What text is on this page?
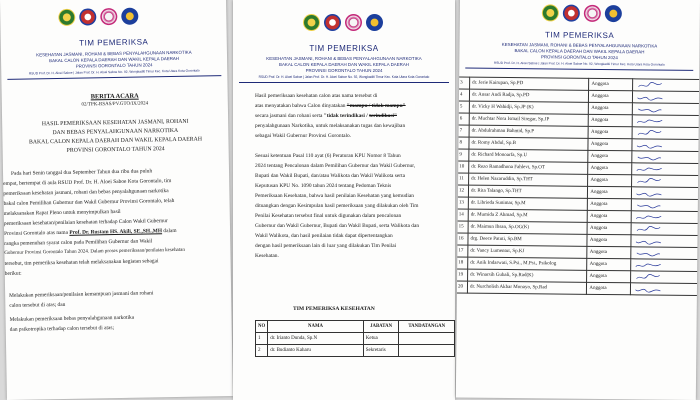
TIM PEMERIKSA
KESEHATAN JASMANI, ROHANI & BEBAS PENYALAHGUNAAN NARKOTIKA
BAKAL CALON KEPALA DAERAH DAN WAKIL KEPALA DAERAH
PROVINSI GORONTALO TAHUN 2024
RSUD Prof. Dr. H. Aloei Saboe | Jalan Prof. Dr. H. Aloei Saboe No. 92, Wongkaditi Timur Kec. Kota Utara Kota Gorontalo
BERITA ACARA
02/TPK-RSAS/PV.GTO/IX/2024
HASIL PEMERIKSAAN KESEHATAN JASMANI, ROHANI
DAN BEBAS PENYALAHGUNAAN NARKOTIKA
BAKAL CALON KEPALA DAERAH DAN WAKIL KEPALA DAERAH
PROVINSI GORONTALO TAHUN 2024
Pada hari Senin tanggal dua September Tahun dua ribu dua puluh
empat, bertempat di aula RSUD Prof. Dr. H. Aloei Saboe Kota Gorontalo, tim
pemeriksaan kesehatan jasmani, rohani dan bebas penyalahgunaan narkotika
bakal calon Pemilihan Gubernur dan Wakil Gubernur Provinsi Gorontalo, telah
melaksanakan Rapat Pleno untuk menyimpulkan hasil
pemeriksaan kesehatan/penilaian kesehatan terhadap Calon Wakil Gubernur
Provinsi Gorontalo atas nama Prof. Dr. Rustam HS. Akili, SE.,SH.,MH dalam
rangka pemenuhan syarat calon pada Pemilihan Gubernur dan Wakil
Gubernur Provinsi Gorontalo Tahun 2024. Dalam proses pemeriksaan/penilaian kesehatan
tersebut, tim pemeriksa kesehatan telah melaksanakan kegiatan sebagai
berikut:
Melakukan pemeriksaan/penilaian kemampuan jasmani dan rohani
calon tersebut di atas; dan
Melakukan pemeriksaan bebas penyalahgunaan narkotika
dan psikotropika terhadap calon tersebut di atas;
TIM PEMERIKSA
KESEHATAN JASMANI, ROHANI & BEBAS PENYALAHGUNAAN NARKOTIKA
BAKAL CALON KEPALA DAERAH DAN WAKIL KEPALA DAERAH
PROVINSI GORONTALO TAHUN 2024
RSUD Prof. Dr. H. Aloei Saboe | Jalan Prof. Dr. H. Aloei Saboe No. 92, Wongkaditi Timur Kec. Kota Utara Kota Gorontalo
Hasil pemeriksaan kesehatan calon atas nama tersebut di
atas menyatakan bahwa Calon dinyatakan "mampu / tidak mampu"
secara jasmani dan rohani serta "tidak terindikasi / terindikasi"
penyalahgunaan Narkotika, untuk melaksanakan tugas dan kewajiban
sebagai Wakil Gubernur Provinsi Gorontalo.
Sesuai ketentuan Pasal 110 ayat (6) Peraturan KPU Nomor 8 Tahun
2024 tentang Pencalonan dalam Pemilihan Gubernur dan Wakil Gubernur,
Bupati dan Wakil Bupati, dan/atau Walikota dan Wakil Walikota serta
Keputusan KPU No. 1090 tahun 2024 tentang Pedoman Teknis
Pemeriksaan Kesehatan, bahwa hasil penilaian Kesehatan yang kemudian
dituangkan dengan Kesimpulan hasil pemeriksaan yang dilakukan oleh Tim
Penilai Kesehatan tersebut final untuk digunakan dalam pencalonan
Gubernur dan Wakil Gubernur, Bupati dan Wakil Bupati, serta Walikota dan
Wakil Walikota, dan hasil penilaian tidak dapat dipertentangkan
dengan hasil pemeriksaan lain di luar yang dilakukan Tim Penilai
Kesehatan.
TIM PEMERIKSA KESEHATAN
NO	NAMA	JABATAN	TANDATANGAN
1	dr. Irianto Dunda, Sp.N	Ketua	
2	dr. Budianto Kaharu	Sekretaris	
TIM PEMERIKSA
KESEHATAN JASMANI, ROHANI & BEBAS PENYALAHGUNAAN NARKOTIKA
BAKAL CALON KEPALA DAERAH DAN WAKIL KEPALA DAERAH
PROVINSI GORONTALO TAHUN 2024
RSUD Prof. Dr. H. Aloei Saboe | Jalan Prof. Dr. H. Aloei Saboe No. 92, Wongkaditi Timur Kec. Kota Utara Kota Gorontalo
3	dr. Jerie Kairupan, Sp.PD	Anggota	

4	dr. Ansar Andi Radja, Sp.PD	Anggota	

5	dr. Vicky H Wahidji, Sp.JP (K)	Anggota	

6	dr. Muchtar Nora Ismail Siregar, Sp.JP	Anggota	

7	dr. Abdulrahman Bahmid, Sp.P	Anggota	

8	dr. Romy Abdul, Sp.B	Anggota	

9	dr. Richard Monoarfa, Sp.U	Anggota	

10	dr. Rezo Ramadhona Fahlevi, Sp.OT	Anggota	

11	dr. Helen Nazaruddin, Sp.THT	Anggota	

12	dr. Rita Talango, Sp.THT	Anggota	

13	dr. Librieda Sunimar, Sp.M	Anggota	

14	dr. Mumida Z Ahmad, Sp.M	Anggota	

15	dr. Maimun Ihsan, Sp.OG(K)	Anggota	

16	drg. Deece Patuti, Sp.BM	Anggota	

17	dr. Vancy Lumentut, Sp.KJ	Anggota	

18	dr. Anik Indarwati, S.Psi., M.Psi., Psikolog	Anggota	

19	dr. Winarsih Gubali, Sp.Rad(K)	Anggota	

20	dr. Nurcholish Akbar Monayo, Sp.Rad	Anggota	
